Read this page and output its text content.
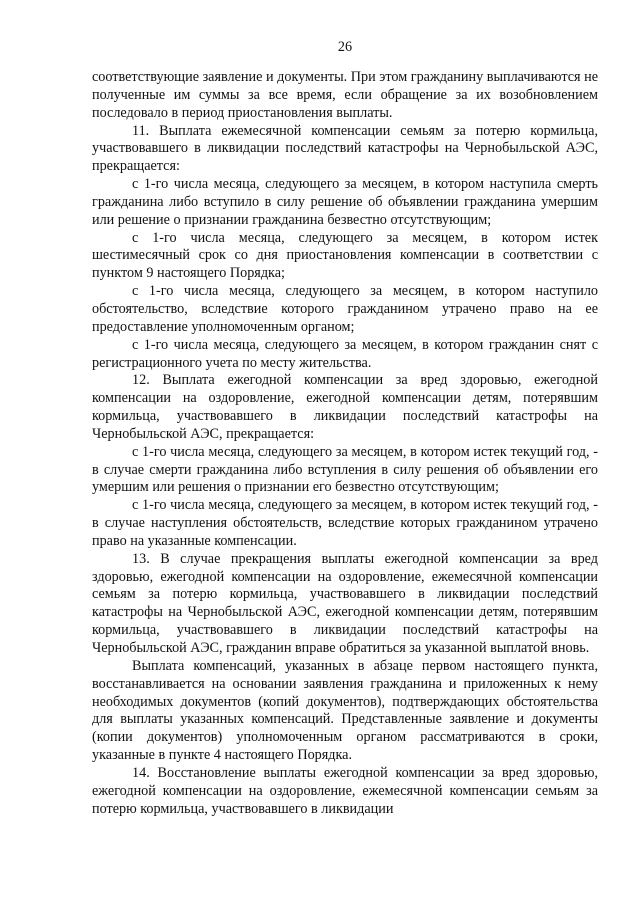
26

соответствующие заявление и документы. При этом гражданину выплачиваются не полученные им суммы за все время, если обращение за их возобновлением последовало в период приостановления выплаты.

11. Выплата ежемесячной компенсации семьям за потерю кормильца, участвовавшего в ликвидации последствий катастрофы на Чернобыльской АЭС, прекращается:

с 1-го числа месяца, следующего за месяцем, в котором наступила смерть гражданина либо вступило в силу решение об объявлении гражданина умершим или решение о признании гражданина безвестно отсутствующим;

с 1-го числа месяца, следующего за месяцем, в котором истек шестимесячный срок со дня приостановления компенсации в соответствии с пунктом 9 настоящего Порядка;

с 1-го числа месяца, следующего за месяцем, в котором наступило обстоятельство, вследствие которого гражданином утрачено право на ее предоставление уполномоченным органом;

с 1-го числа месяца, следующего за месяцем, в котором гражданин снят с регистрационного учета по месту жительства.

12. Выплата ежегодной компенсации за вред здоровью, ежегодной компенсации на оздоровление, ежегодной компенсации детям, потерявшим кормильца, участвовавшего в ликвидации последствий катастрофы на Чернобыльской АЭС, прекращается:

с 1-го числа месяца, следующего за месяцем, в котором истек текущий год, - в случае смерти гражданина либо вступления в силу решения об объявлении его умершим или решения о признании его безвестно отсутствующим;

с 1-го числа месяца, следующего за месяцем, в котором истек текущий год, - в случае наступления обстоятельств, вследствие которых гражданином утрачено право на указанные компенсации.

13. В случае прекращения выплаты ежегодной компенсации за вред здоровью, ежегодной компенсации на оздоровление, ежемесячной компенсации семьям за потерю кормильца, участвовавшего в ликвидации последствий катастрофы на Чернобыльской АЭС, ежегодной компенсации детям, потерявшим кормильца, участвовавшего в ликвидации последствий катастрофы на Чернобыльской АЭС, гражданин вправе обратиться за указанной выплатой вновь.

Выплата компенсаций, указанных в абзаце первом настоящего пункта, восстанавливается на основании заявления гражданина и приложенных к нему необходимых документов (копий документов), подтверждающих обстоятельства для выплаты указанных компенсаций. Представленные заявление и документы (копии документов) уполномоченным органом рассматриваются в сроки, указанные в пункте 4 настоящего Порядка.

14. Восстановление выплаты ежегодной компенсации за вред здоровью, ежегодной компенсации на оздоровление, ежемесячной компенсации семьям за потерю кормильца, участвовавшего в ликвидации
